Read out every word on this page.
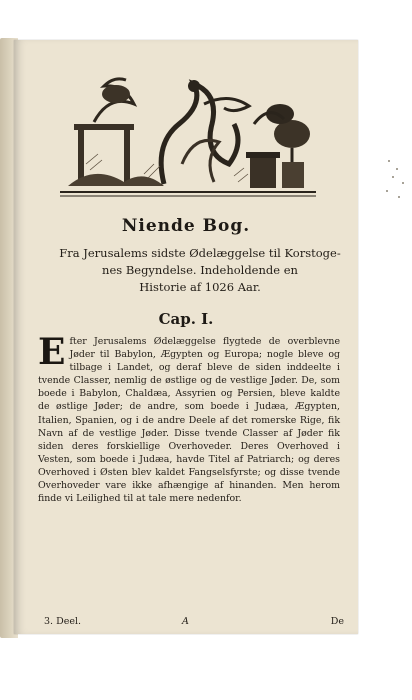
Niende Bog.
Fra Jerusalems sidste Ødelæggelse til Korstoge-
nes Begyndelse. Indeholdende en
Historie af 1026 Aar.
Cap. I.
E fter Jerusalems Ødelæggelse flygtede de overblevne Jøder til Babylon, Ægypten og Europa; nogle bleve og tilbage i Landet, og deraf bleve de siden inddeelte i tvende Classer, nemlig de østlige og de vestlige Jøder. De, som boede i Babylon, Chaldæa, Assyrien og Persien, bleve kaldte de østlige Jøder; de andre, som boede i Judæa, Ægypten, Italien, Spanien, og i de andre Deele af det romerske Rige, fik Navn af de vestlige Jøder. Disse tvende Classer af Jøder fik siden deres forskiellige Overhoveder. Deres Overhoved i Vesten, som boede i Judæa, havde Titel af Patriarch; og deres Overhoved i Østen blev kaldet Fangselsfyrste; og disse tvende Overhoveder vare ikke afhængige af hinanden. Men herom finde vi Leilighed til at tale mere nedenfor.
3. Deel.	A	De
